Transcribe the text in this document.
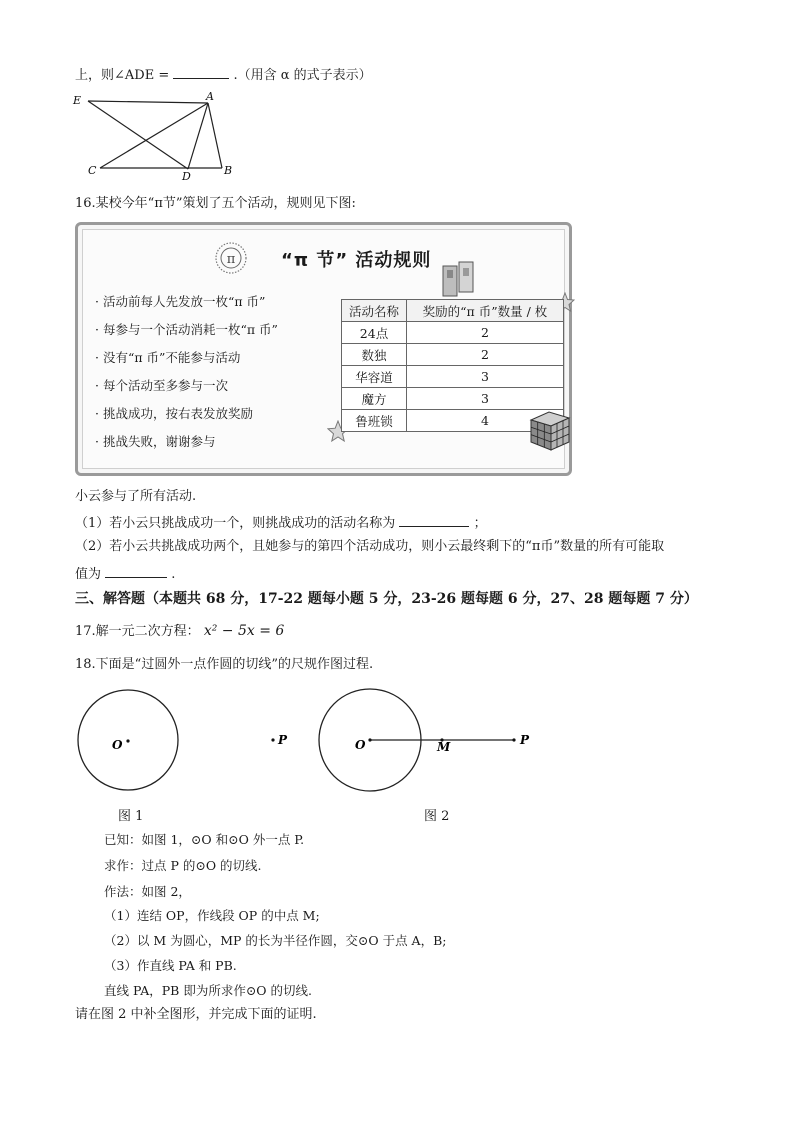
上，则∠ADE =	.（用含 α 的式子表示）
E	A
C	D	B
16.某校今年“π节”策划了五个活动，规则见下图:
π	“π 节” 活动规则
· 活动前每人先发放一枚“π 币”
· 每参与一个活动消耗一枚“π 币”
· 没有“π 币”不能参与活动
· 每个活动至多参与一次
· 挑战成功，按右表发放奖励
· 挑战失败，谢谢参与
活动名称	奖励的“π 币”数量 / 枚
24点	2
数独	2
华容道	3
魔方	3
鲁班锁	4
小云参与了所有活动.
（1）若小云只挑战成功一个，则挑战成功的活动名称为	；
（2）若小云共挑战成功两个，且她参与的第四个活动成功，则小云最终剩下的“π币”数量的所有可能取
值为	.
三、解答题（本题共 68 分，17-22 题每小题 5 分，23-26 题每题 6 分，27、28 题每题 7 分）
17.解一元二次方程： x² − 5x = 6
18.下面是“过圆外一点作圆的切线”的尺规作图过程.
O	P	O	M	P
图 1	图 2
已知：如图 1，⊙O 和⊙O 外一点 P.
求作：过点 P 的⊙O 的切线.
作法：如图 2，
（1）连结 OP，作线段 OP 的中点 M;
（2）以 M 为圆心，MP 的长为半径作圆，交⊙O 于点 A，B;
（3）作直线 PA 和 PB.
直线 PA，PB 即为所求作⊙O 的切线.
请在图 2 中补全图形，并完成下面的证明.
